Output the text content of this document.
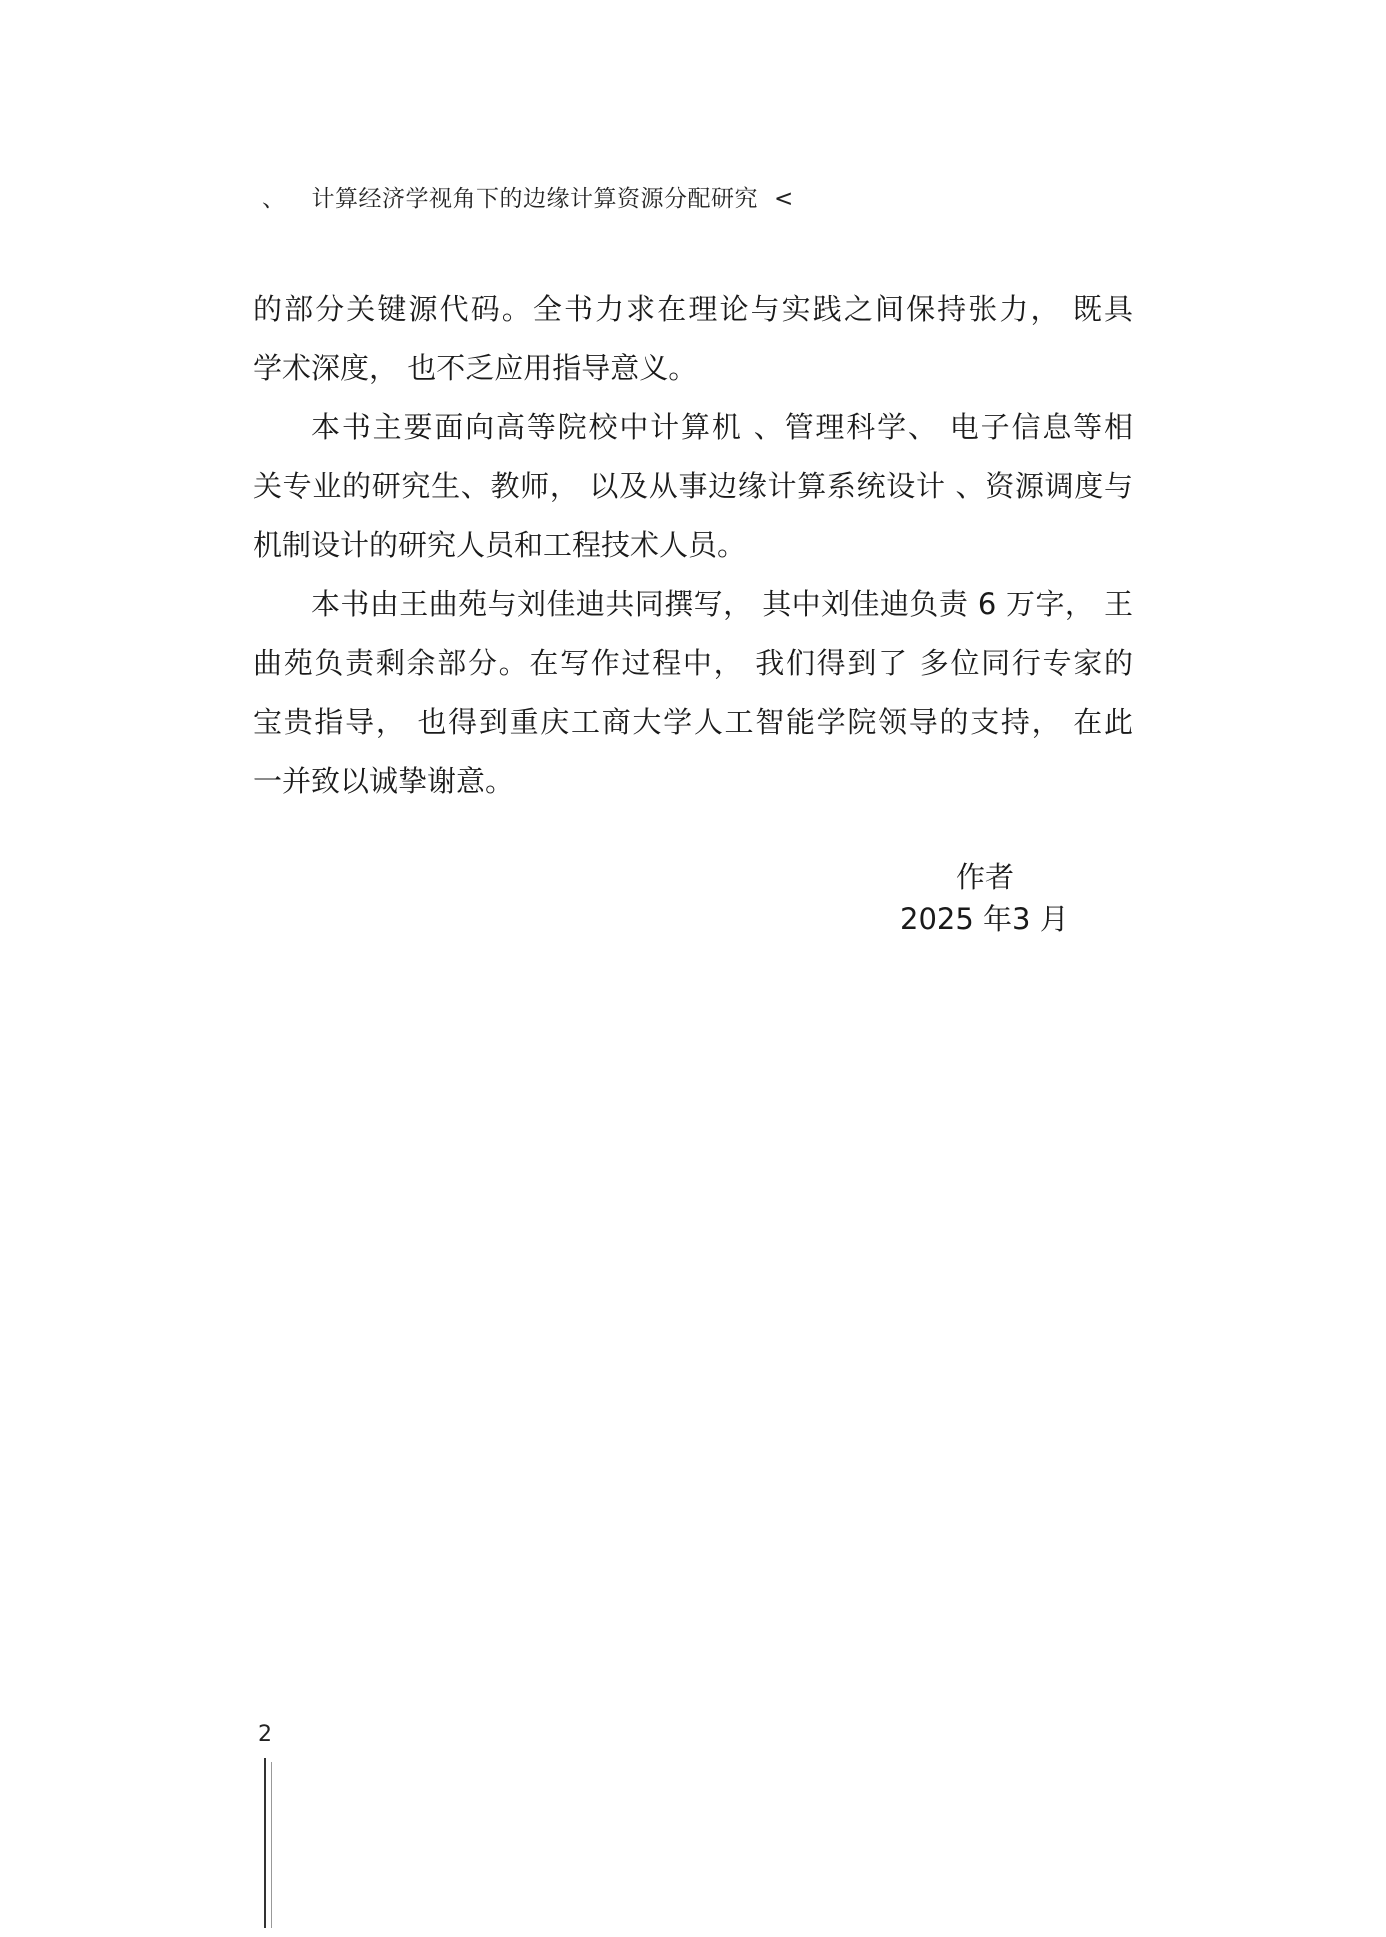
、 计算经济学视角下的边缘计算资源分配研究 <
的部分关键源代码。全书力求在理论与实践之间保持张力， 既具
学术深度， 也不乏应用指导意义。
本书主要面向高等院校中计算机 、管理科学、 电子信息等相
关专业的研究生、教师， 以及从事边缘计算系统设计 、资源调度与
机制设计的研究人员和工程技术人员。
本书由王曲苑与刘佳迪共同撰写， 其中刘佳迪负责 6 万字， 王
曲苑负责剩余部分。在写作过程中， 我们得到了 多位同行专家的
宝贵指导， 也得到重庆工商大学人工智能学院领导的支持， 在此
一并致以诚挚谢意。
作者
2025 年3 月
2
